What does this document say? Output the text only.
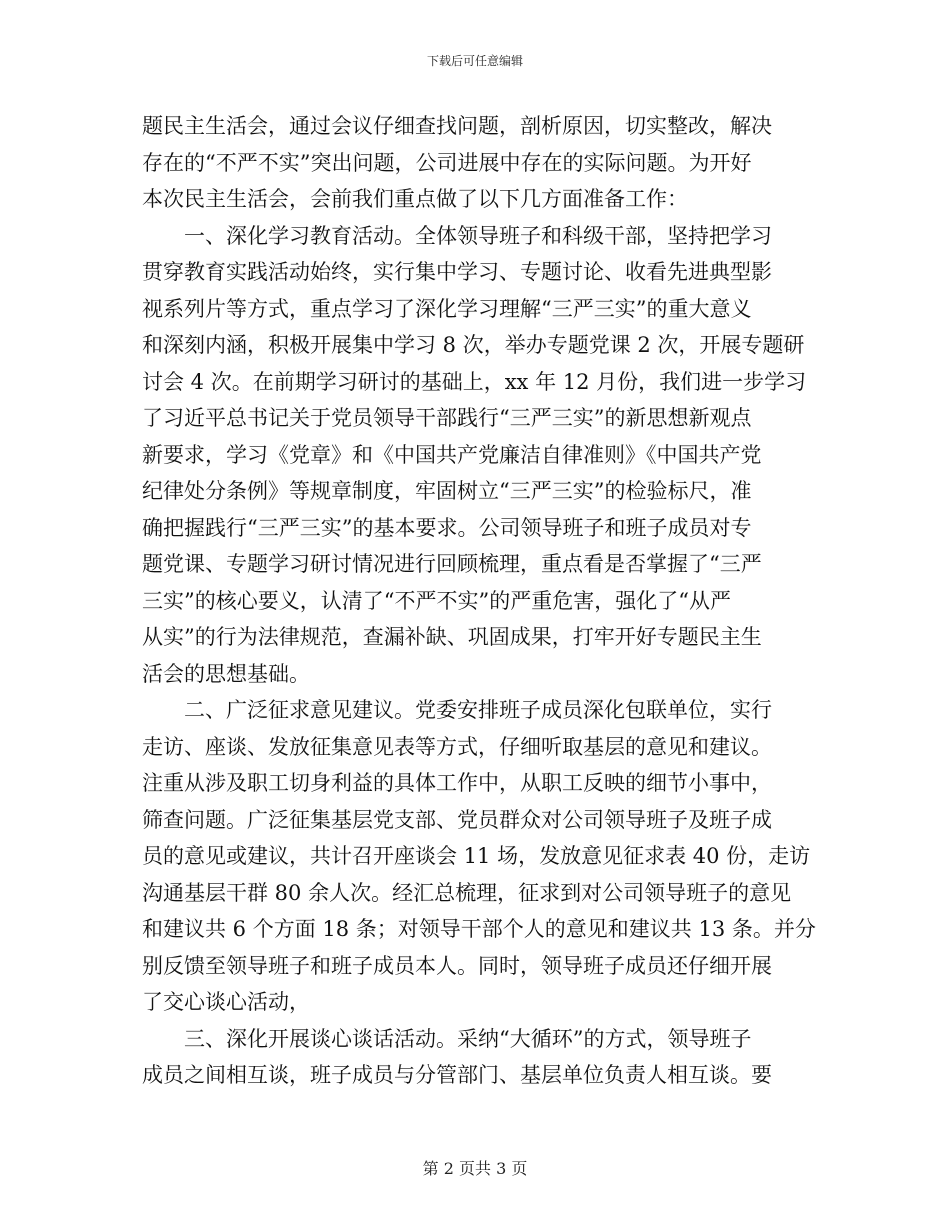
下载后可任意编辑
题民主生活会，通过会议仔细查找问题，剖析原因，切实整改，解决
存在的“不严不实”突出问题，公司进展中存在的实际问题。为开好
本次民主生活会，会前我们重点做了以下几方面准备工作：
　　一、深化学习教育活动。全体领导班子和科级干部，坚持把学习
贯穿教育实践活动始终，实行集中学习、专题讨论、收看先进典型影
视系列片等方式，重点学习了深化学习理解“三严三实”的重大意义
和深刻内涵，积极开展集中学习 8 次，举办专题党课 2 次，开展专题研
讨会 4 次。在前期学习研讨的基础上，xx 年 12 月份，我们进一步学习
了习近平总书记关于党员领导干部践行“三严三实”的新思想新观点
新要求，学习《党章》和《中国共产党廉洁自律准则》《中国共产党
纪律处分条例》等规章制度，牢固树立“三严三实”的检验标尺，准
确把握践行“三严三实”的基本要求。公司领导班子和班子成员对专
题党课、专题学习研讨情况进行回顾梳理，重点看是否掌握了“三严
三实”的核心要义，认清了“不严不实”的严重危害，强化了“从严
从实”的行为法律规范，查漏补缺、巩固成果，打牢开好专题民主生
活会的思想基础。
　　二、广泛征求意见建议。党委安排班子成员深化包联单位，实行
走访、座谈、发放征集意见表等方式，仔细听取基层的意见和建议。
注重从涉及职工切身利益的具体工作中，从职工反映的细节小事中，
筛查问题。广泛征集基层党支部、党员群众对公司领导班子及班子成
员的意见或建议，共计召开座谈会 11 场，发放意见征求表 40 份，走访
沟通基层干群 80 余人次。经汇总梳理，征求到对公司领导班子的意见
和建议共 6 个方面 18 条；对领导干部个人的意见和建议共 13 条。并分
别反馈至领导班子和班子成员本人。同时，领导班子成员还仔细开展
了交心谈心活动，
　　三、深化开展谈心谈话活动。采纳“大循环”的方式，领导班子
成员之间相互谈，班子成员与分管部门、基层单位负责人相互谈。要
第 2 页共 3 页
